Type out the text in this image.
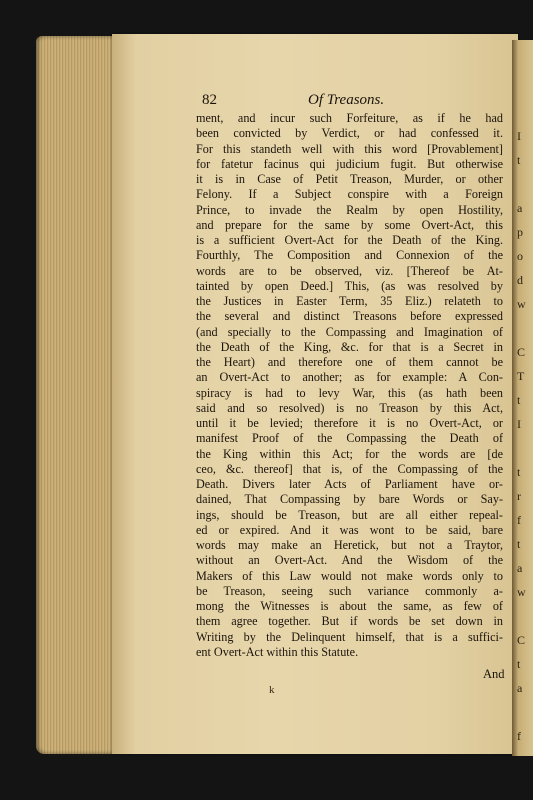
I
t
a
p
o
d
w
C
T
t
I
t
r
f
t
a
w
C
t
a
f
82	Of Treasons.
And
ment, and incur such Forfeiture, as if he had
been convicted by Verdict, or had confessed it.
For this standeth well with this word [Provablement]
for fatetur facinus qui judicium fugit. But otherwise
it is in Case of Petit Treason, Murder, or other
Felony. If a Subject conspire with a Foreign
Prince, to invade the Realm by open Hostility,
and prepare for the same by some Overt-Act, this
is a sufficient Overt-Act for the Death of the King.
Fourthly, The Composition and Connexion of the
words are to be observed, viz. [Thereof be At-
tainted by open Deed.] This, (as was resolved by
the Justices in Easter Term, 35 Eliz.) relateth to
the several and distinct Treasons before expressed
(and specially to the Compassing and Imagination of
the Death of the King, &c. for that is a Secret in
the Heart) and therefore one of them cannot be
an Overt-Act to another; as for example: A Con-
spiracy is had to levy War, this (as hath been
said and so resolved) is no Treason by this Act,
until it be levied; therefore it is no Overt-Act, or
manifest Proof of the Compassing the Death of
the King within this Act; for the words are [de
ceo, &c. thereof] that is, of the Compassing of the
Death. Divers later Acts of Parliament have or-
dained, That Compassing by bare Words or Say-
ings, should be Treason, but are all either repeal-
ed or expired. And it was wont to be said, bare
words may make an Heretick, but not a Traytor,
without an Overt-Act. And the Wisdom of the
Makers of this Law would not make words only to
be Treason, seeing such variance commonly a-
mong the Witnesses is about the same, as few of
them agree together. But if words be set down in
Writing by the Delinquent himself, that is a suffici-
ent Overt-Act within this Statute.
k
